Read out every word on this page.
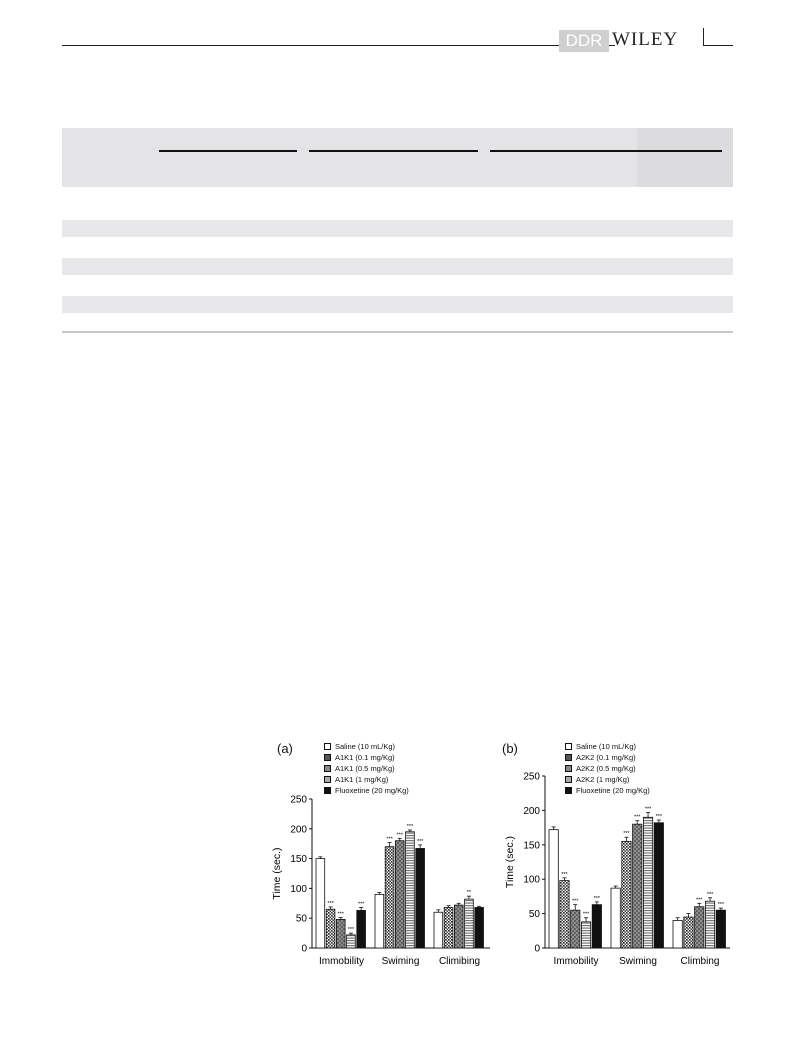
DDR WILEY
(a)	Saline (10 mL/Kg)
A1K1 (0.1 mg/Kg)
A1K1 (0.5 mg/Kg)
A1K1 (1 mg/Kg)
Fluoxetine (20 mg/Kg)
0
50
100
150
200
250
Time (sec.)
***
***
***
***
Immobility
***
***
***
***
Swiming
**
Climibing
(b)	Saline (10 mL/Kg)
A2K2 (0.1 mg/Kg)
A2K2 (0.5 mg/Kg)
A2K2 (1 mg/Kg)
Fluoxetine (20 mg/Kg)
0
50
100
150
200
250
Time (sec.)	***
***
***
***
Immobility
***
***
***
***
Swiming
***
***
***
Climbing
